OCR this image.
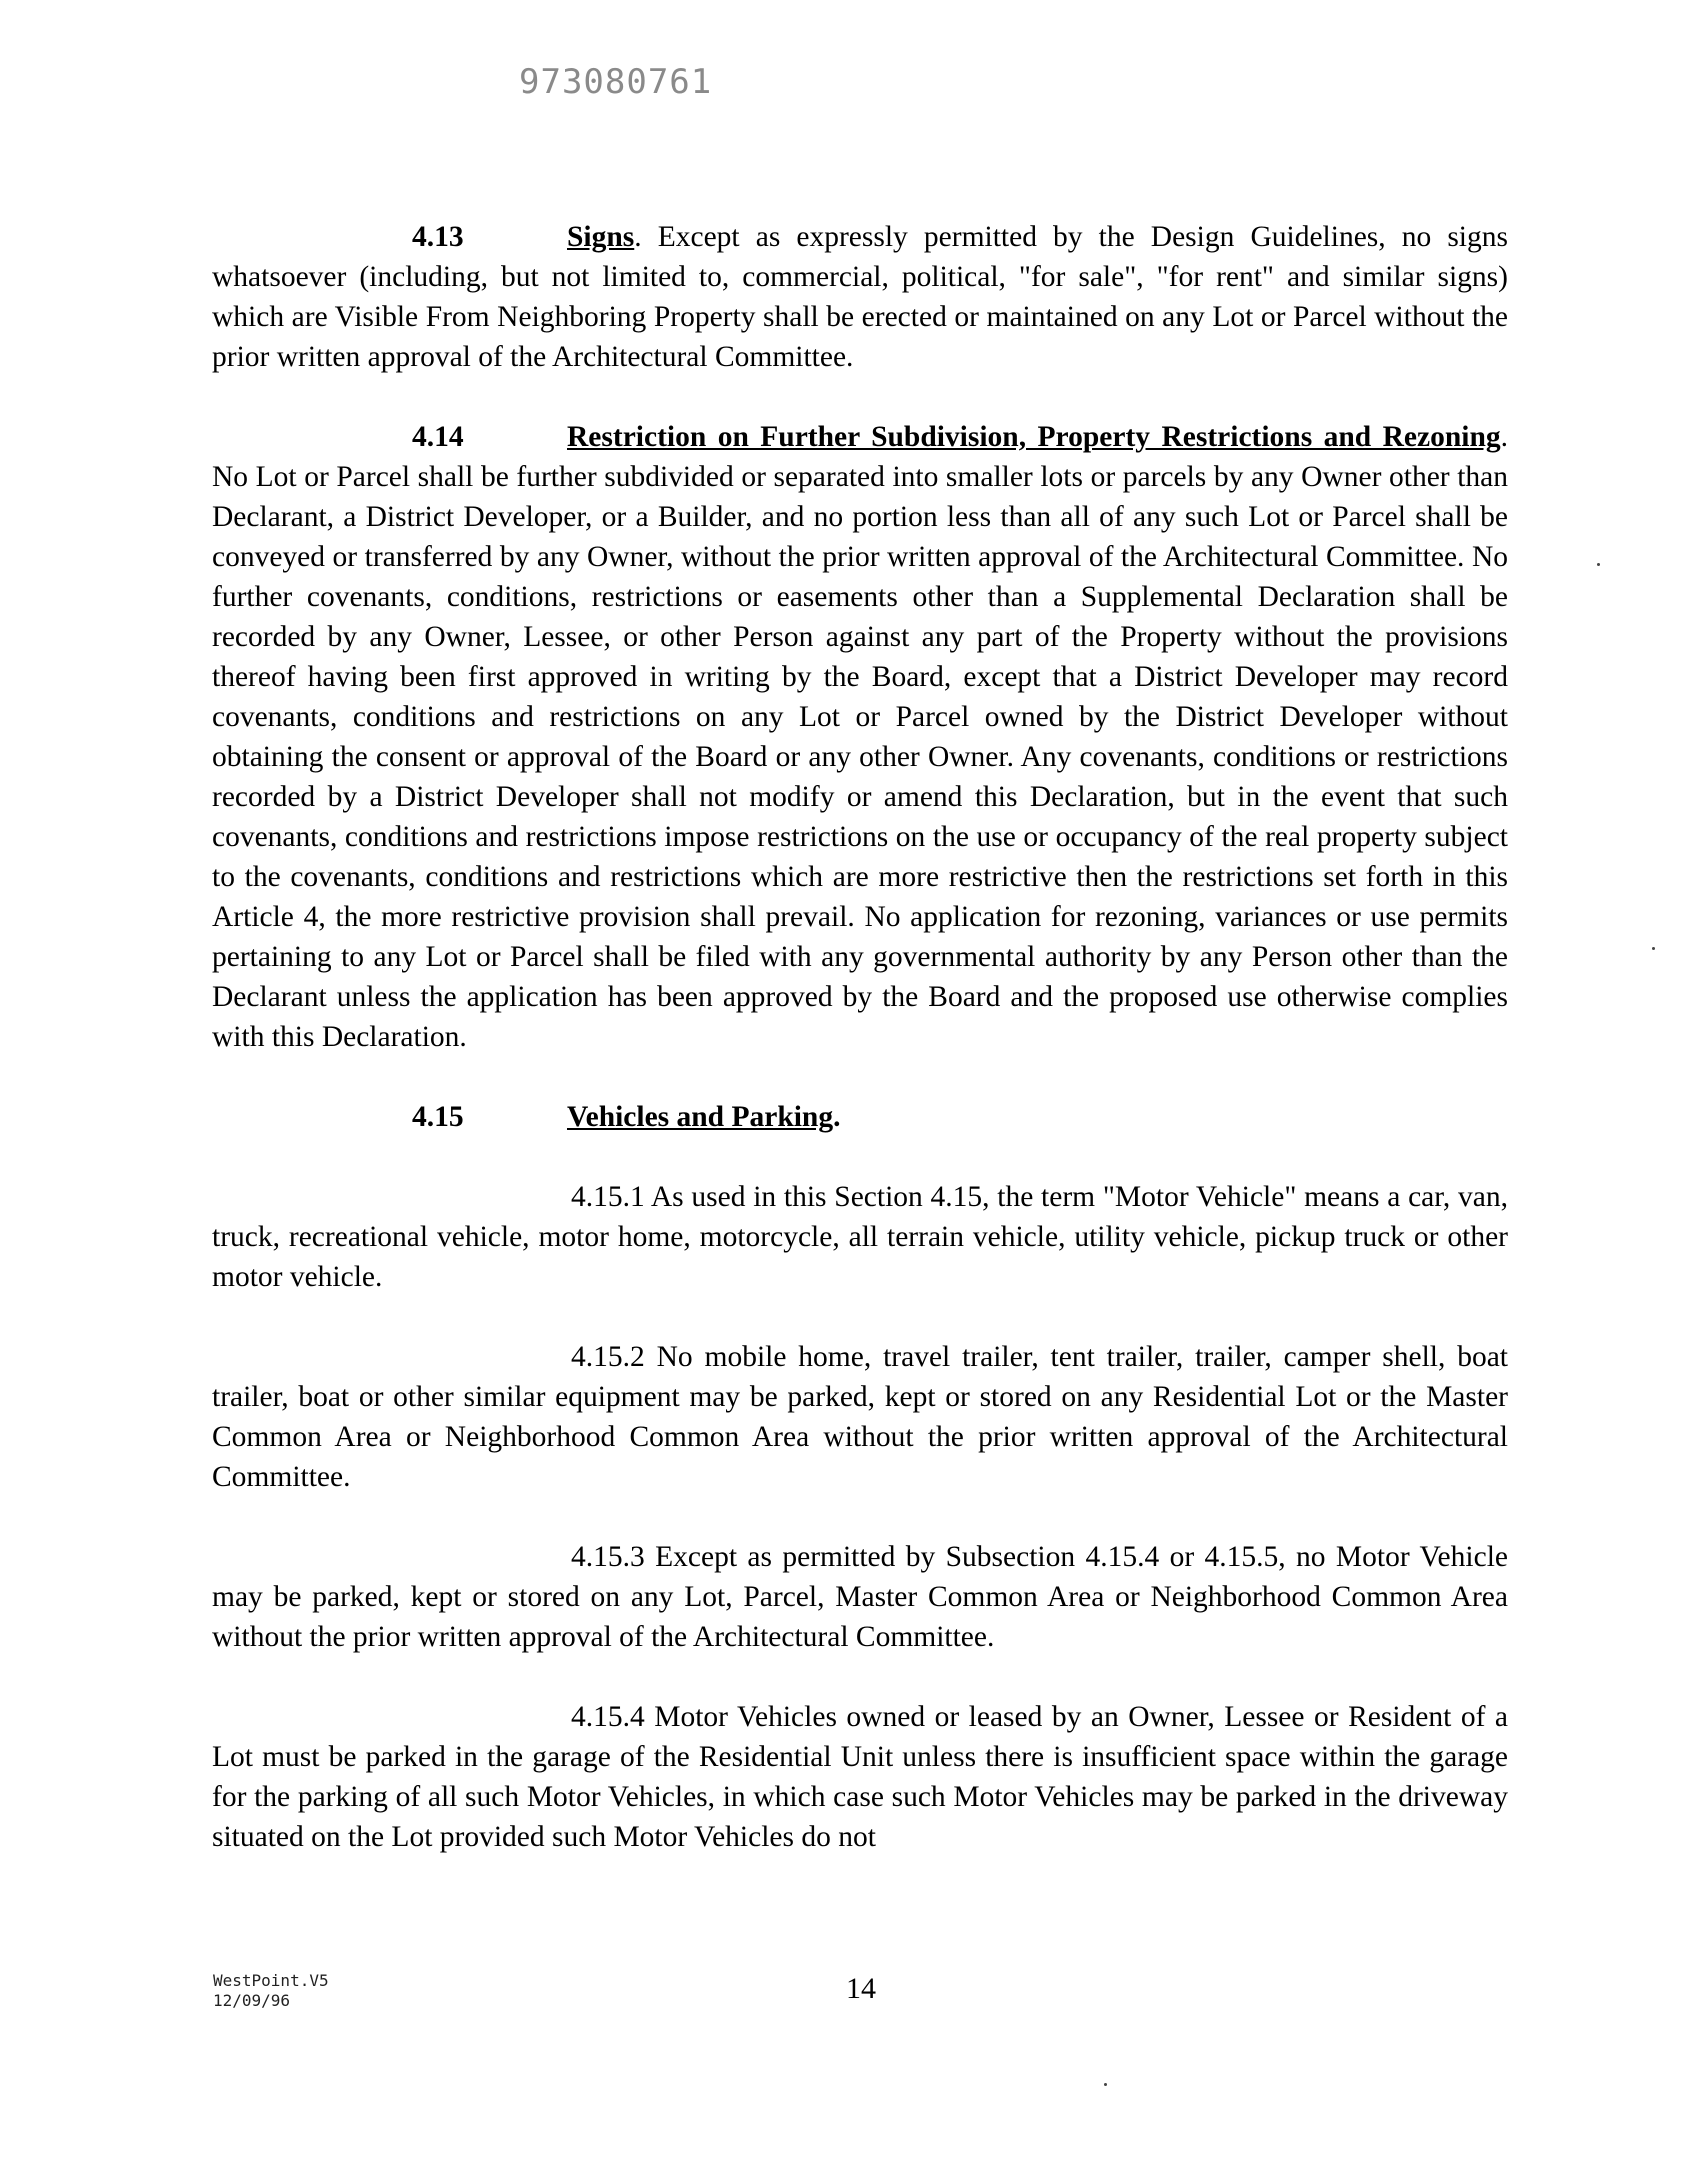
973080761

4.13	Signs. Except as expressly permitted by the Design Guidelines, no signs whatsoever (including, but not limited to, commercial, political, "for sale", "for rent" and similar signs) which are Visible From Neighboring Property shall be erected or maintained on any Lot or Parcel without the prior written approval of the Architectural Committee.

4.14	Restriction on Further Subdivision, Property Restrictions and Rezoning. No Lot or Parcel shall be further subdivided or separated into smaller lots or parcels by any Owner other than Declarant, a District Developer, or a Builder, and no portion less than all of any such Lot or Parcel shall be conveyed or transferred by any Owner, without the prior written approval of the Architectural Committee. No further covenants, conditions, restrictions or easements other than a Supplemental Declaration shall be recorded by any Owner, Lessee, or other Person against any part of the Property without the provisions thereof having been first approved in writing by the Board, except that a District Developer may record covenants, conditions and restrictions on any Lot or Parcel owned by the District Developer without obtaining the consent or approval of the Board or any other Owner. Any covenants, conditions or restrictions recorded by a District Developer shall not modify or amend this Declaration, but in the event that such covenants, conditions and restrictions impose restrictions on the use or occupancy of the real property subject to the covenants, conditions and restrictions which are more restrictive then the restrictions set forth in this Article 4, the more restrictive provision shall prevail. No application for rezoning, variances or use permits pertaining to any Lot or Parcel shall be filed with any governmental authority by any Person other than the Declarant unless the application has been approved by the Board and the proposed use otherwise complies with this Declaration.

4.15	Vehicles and Parking.

4.15.1 As used in this Section 4.15, the term "Motor Vehicle" means a car, van, truck, recreational vehicle, motor home, motorcycle, all terrain vehicle, utility vehicle, pickup truck or other motor vehicle.

4.15.2 No mobile home, travel trailer, tent trailer, trailer, camper shell, boat trailer, boat or other similar equipment may be parked, kept or stored on any Residential Lot or the Master Common Area or Neighborhood Common Area without the prior written approval of the Architectural Committee.

4.15.3 Except as permitted by Subsection 4.15.4 or 4.15.5, no Motor Vehicle may be parked, kept or stored on any Lot, Parcel, Master Common Area or Neighborhood Common Area without the prior written approval of the Architectural Committee.

4.15.4 Motor Vehicles owned or leased by an Owner, Lessee or Resident of a Lot must be parked in the garage of the Residential Unit unless there is insufficient space within the garage for the parking of all such Motor Vehicles, in which case such Motor Vehicles may be parked in the driveway situated on the Lot provided such Motor Vehicles do not

WestPoint.V5
12/09/96	14
